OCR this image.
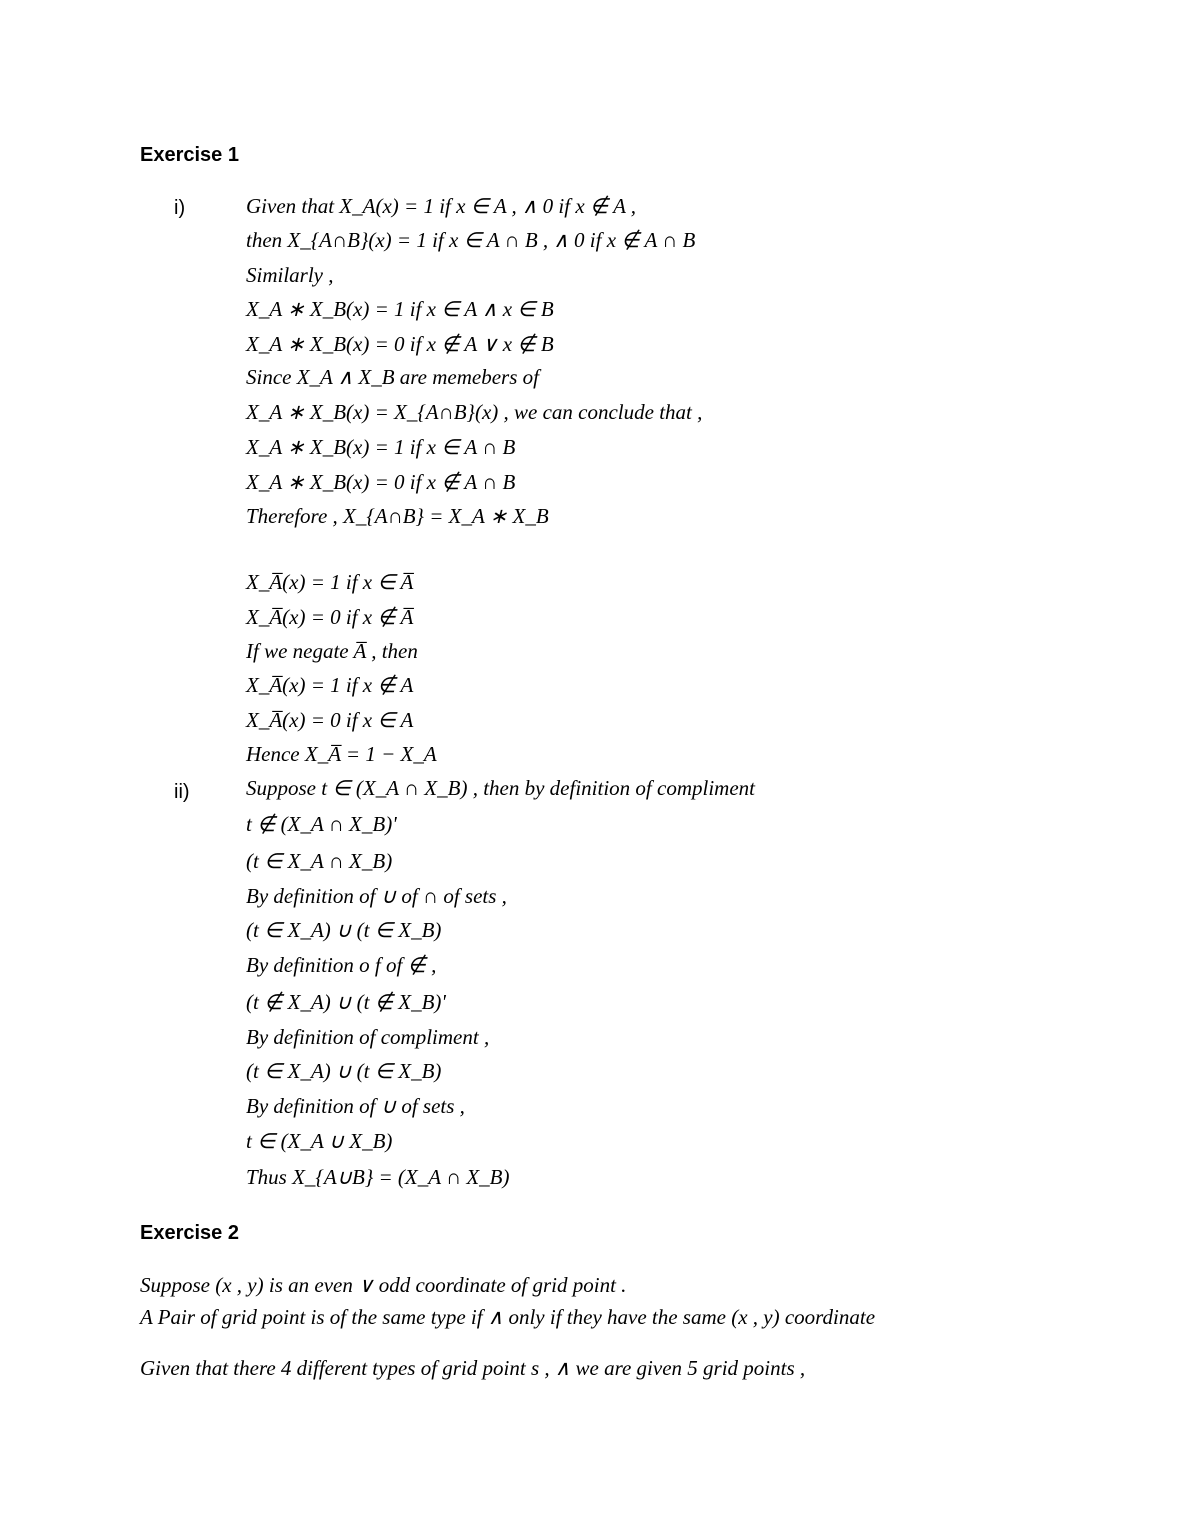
Exercise 1
i)	Given that X_A(x) = 1 if x ∈ A , ∧ 0 if x ∉ A ,
then X_{A∩B}(x) = 1 if x ∈ A ∩ B , ∧ 0 if x ∉ A ∩ B
Similarly ,
X_A ∗ X_B(x) = 1 if x ∈ A ∧ x ∈ B
X_A ∗ X_B(x) = 0 if x ∉ A ∨ x ∉ B
Since X_A ∧ X_B are memebers of
X_A ∗ X_B(x) = X_{A∩B}(x) , we can conclude that ,
X_A ∗ X_B(x) = 1 if x ∈ A ∩ B
X_A ∗ X_B(x) = 0 if x ∉ A ∩ B
Therefore , X_{A∩B} = X_A ∗ X_B
X_A̅(x) = 1 if x ∈ A̅
X_A̅(x) = 0 if x ∉ A̅
If we negate A̅ , then
X_A̅(x) = 1 if x ∉ A
X_A̅(x) = 0 if x ∈ A
Hence X_A̅ = 1 − X_A
ii)	Suppose t ∈ (X_A ∩ X_B) , then by definition of compliment
t ∉ (X_A ∩ X_B)'
(t ∈ X_A ∩ X_B)
By definition of ∪ of ∩ of sets ,
(t ∈ X_A) ∪ (t ∈ X_B)
By definition o f of ∉ ,
(t ∉ X_A) ∪ (t ∉ X_B)'
By definition of compliment ,
(t ∈ X_A) ∪ (t ∈ X_B)
By definition of ∪ of sets ,
t ∈ (X_A ∪ X_B)
Thus X_{A∪B} = (X_A ∩ X_B)
Exercise 2
Suppose (x , y) is an even ∨ odd coordinate of grid point .
A Pair of grid point is of the same type if ∧ only if they have the same (x , y) coordinate
Given that there 4 different types of grid point s , ∧ we are given 5 grid points ,
